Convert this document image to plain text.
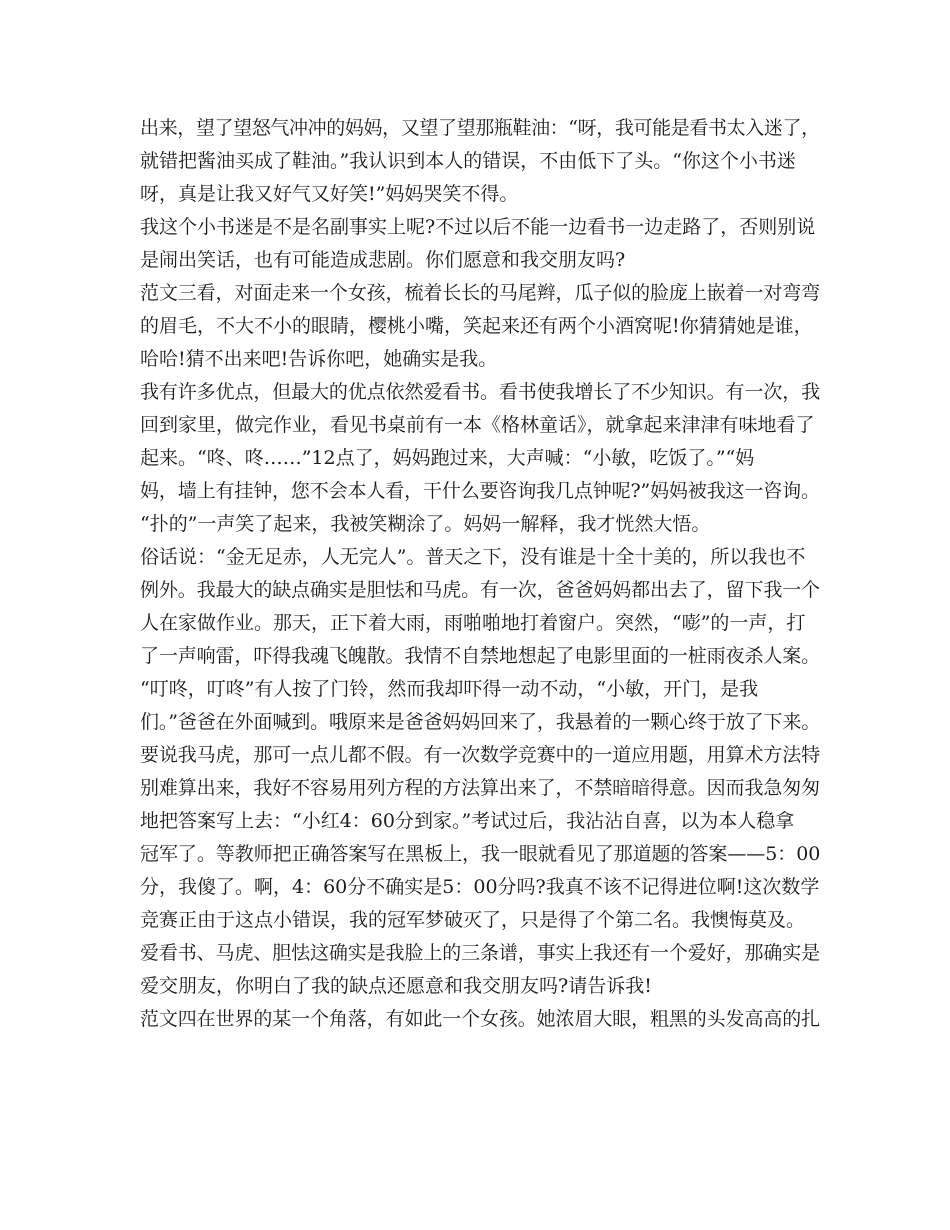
出来，望了望怒气冲冲的妈妈，又望了望那瓶鞋油：“呀，我可能是看书太入迷了，
就错把酱油买成了鞋油。”我认识到本人的错误，不由低下了头。“你这个小书迷
呀，真是让我又好气又好笑!”妈妈哭笑不得。
我这个小书迷是不是名副事实上呢?不过以后不能一边看书一边走路了，否则别说
是闹出笑话，也有可能造成悲剧。你们愿意和我交朋友吗?
范文三看，对面走来一个女孩，梳着长长的马尾辫，瓜子似的脸庞上嵌着一对弯弯
的眉毛，不大不小的眼睛，樱桃小嘴，笑起来还有两个小酒窝呢!你猜猜她是谁，
哈哈!猜不出来吧!告诉你吧，她确实是我。
我有许多优点，但最大的优点依然爱看书。看书使我增长了不少知识。有一次，我
回到家里，做完作业，看见书桌前有一本《格林童话》，就拿起来津津有味地看了
起来。“咚、咚……”12点了，妈妈跑过来，大声喊：“小敏，吃饭了。”“妈
妈，墙上有挂钟，您不会本人看，干什么要咨询我几点钟呢?”妈妈被我这一咨询。
“扑的”一声笑了起来，我被笑糊涂了。妈妈一解释，我才恍然大悟。
俗话说：“金无足赤，人无完人”。普天之下，没有谁是十全十美的，所以我也不
例外。我最大的缺点确实是胆怯和马虎。有一次，爸爸妈妈都出去了，留下我一个
人在家做作业。那天，正下着大雨，雨啪啪地打着窗户。突然，“嘭”的一声，打
了一声响雷，吓得我魂飞魄散。我情不自禁地想起了电影里面的一桩雨夜杀人案。
“叮咚，叮咚”有人按了门铃，然而我却吓得一动不动，“小敏，开门，是我
们。”爸爸在外面喊到。哦原来是爸爸妈妈回来了，我悬着的一颗心终于放了下来。
要说我马虎，那可一点儿都不假。有一次数学竞赛中的一道应用题，用算术方法特
别难算出来，我好不容易用列方程的方法算出来了，不禁暗暗得意。因而我急匆匆
地把答案写上去：“小红4：60分到家。”考试过后，我沾沾自喜，以为本人稳拿
冠军了。等教师把正确答案写在黑板上，我一眼就看见了那道题的答案——5：00
分，我傻了。啊，4：60分不确实是5：00分吗?我真不该不记得进位啊!这次数学
竞赛正由于这点小错误，我的冠军梦破灭了，只是得了个第二名。我懊悔莫及。
爱看书、马虎、胆怯这确实是我脸上的三条谱，事实上我还有一个爱好，那确实是
爱交朋友，你明白了我的缺点还愿意和我交朋友吗?请告诉我!
范文四在世界的某一个角落，有如此一个女孩。她浓眉大眼，粗黑的头发高高的扎
